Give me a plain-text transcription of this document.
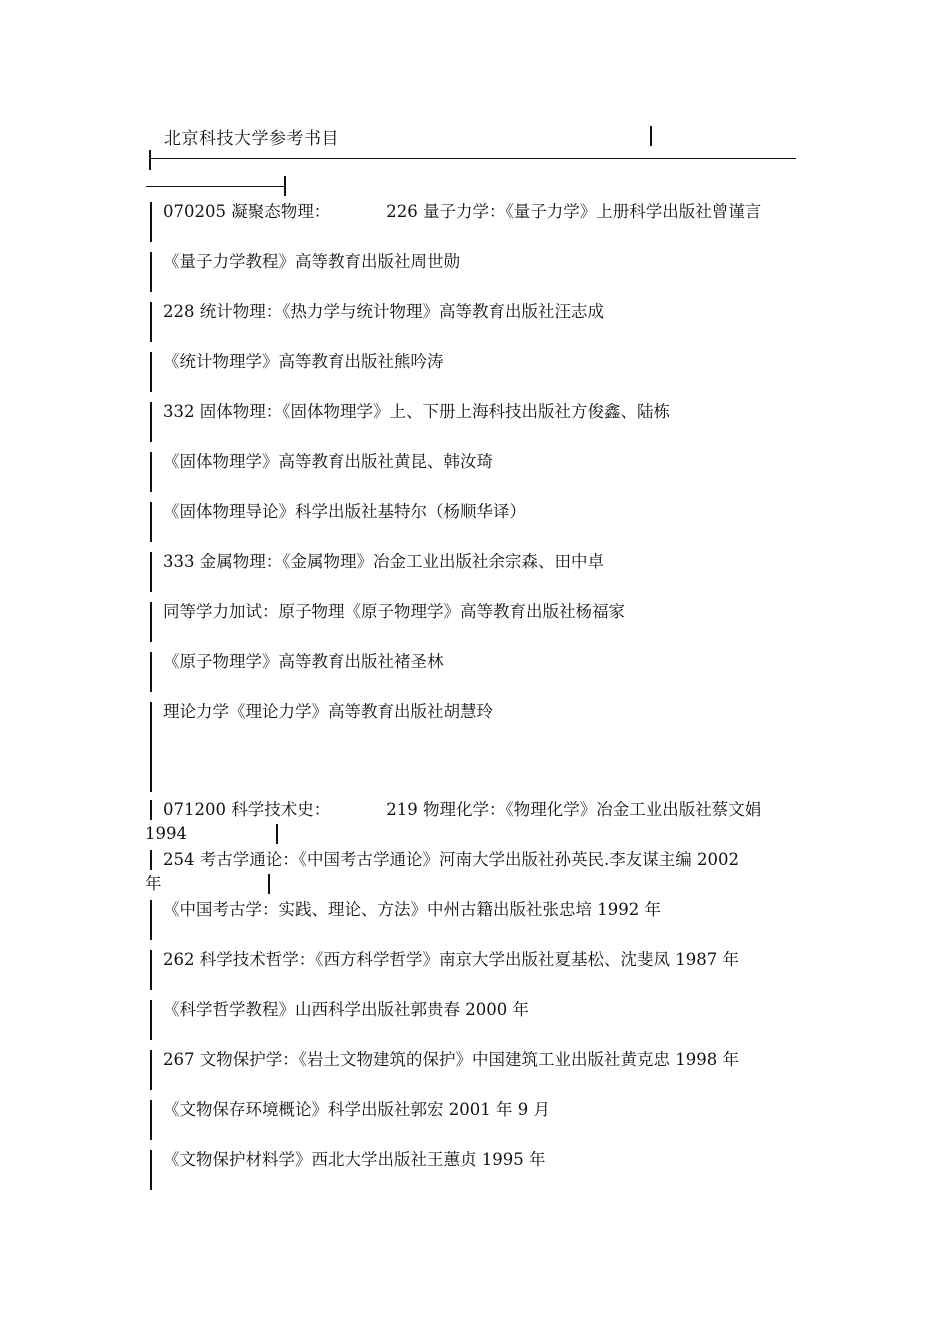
北京科技大学参考书目
070205 凝聚态物理：	226 量子力学：《量子力学》上册科学出版社曾谨言
《量子力学教程》高等教育出版社周世勋
228 统计物理：《热力学与统计物理》高等教育出版社汪志成
《统计物理学》高等教育出版社熊吟涛
332 固体物理：《固体物理学》上、下册上海科技出版社方俊鑫、陆栋
《固体物理学》高等教育出版社黄昆、韩汝琦
《固体物理导论》科学出版社基特尔（杨顺华译）
333 金属物理：《金属物理》冶金工业出版社余宗森、田中卓
同等学力加试：原子物理《原子物理学》高等教育出版社杨福家
《原子物理学》高等教育出版社褚圣林
理论力学《理论力学》高等教育出版社胡慧玲
071200 科学技术史：	219 物理化学：《物理化学》冶金工业出版社蔡文娟
1994
254 考古学通论：《中国考古学通论》河南大学出版社孙英民.李友谋主编 2002
年
《中国考古学：实践、理论、方法》中州古籍出版社张忠培 1992 年
262 科学技术哲学：《西方科学哲学》南京大学出版社夏基松、沈斐凤 1987 年
《科学哲学教程》山西科学出版社郭贵春 2000 年
267 文物保护学：《岩土文物建筑的保护》中国建筑工业出版社黄克忠 1998 年
《文物保存环境概论》科学出版社郭宏 2001 年 9 月
《文物保护材料学》西北大学出版社王蕙贞 1995 年
